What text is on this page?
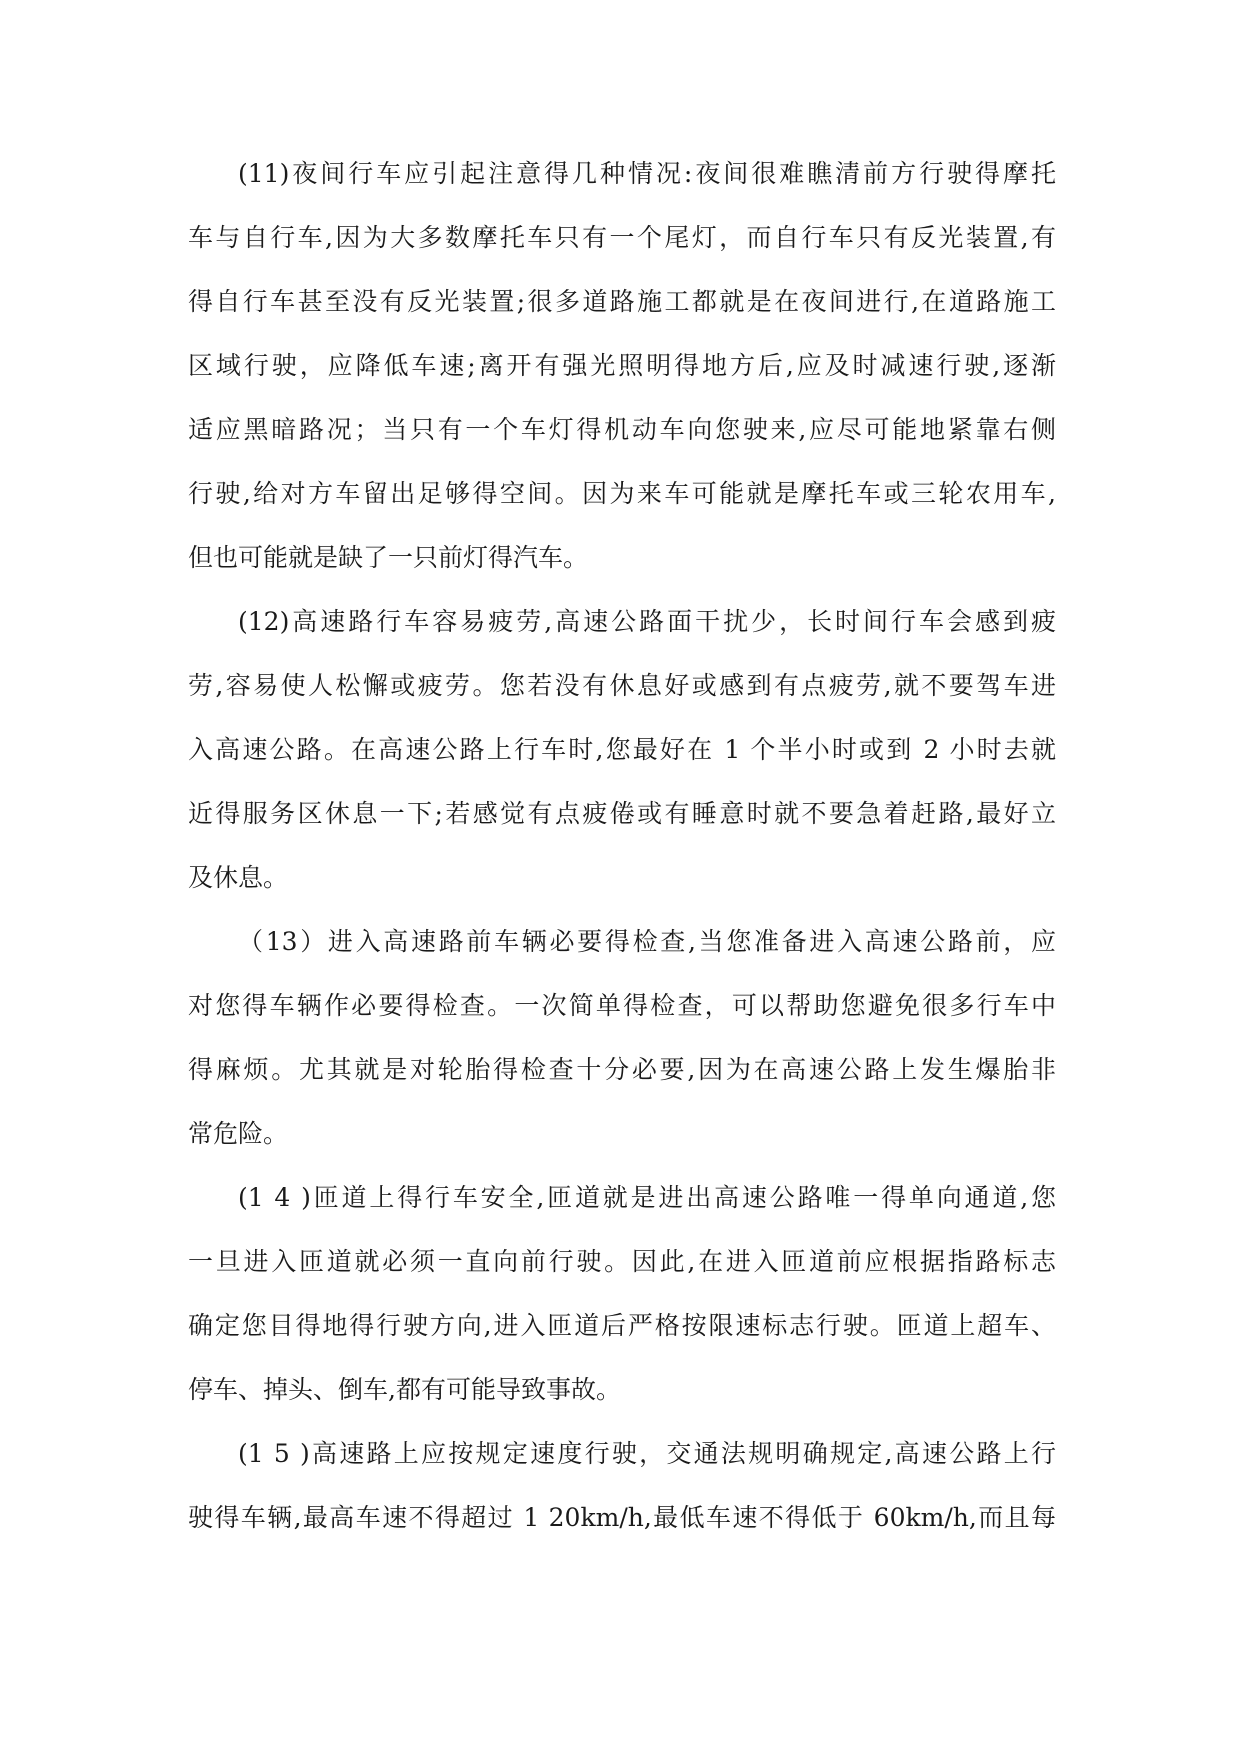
(11)夜间行车应引起注意得几种情况:夜间很难瞧清前方行驶得摩托
车与自行车,因为大多数摩托车只有一个尾灯，而自行车只有反光装置,有
得自行车甚至没有反光装置;很多道路施工都就是在夜间进行,在道路施工
区域行驶，应降低车速;离开有强光照明得地方后,应及时减速行驶,逐渐
适应黑暗路况；当只有一个车灯得机动车向您驶来,应尽可能地紧靠右侧
行驶,给对方车留出足够得空间。因为来车可能就是摩托车或三轮农用车,
但也可能就是缺了一只前灯得汽车。
(12)高速路行车容易疲劳,高速公路面干扰少，长时间行车会感到疲
劳,容易使人松懈或疲劳。您若没有休息好或感到有点疲劳,就不要驾车进
入高速公路。在高速公路上行车时,您最好在 1 个半小时或到 2 小时去就
近得服务区休息一下;若感觉有点疲倦或有睡意时就不要急着赶路,最好立
及休息。
（13）进入高速路前车辆必要得检查,当您准备进入高速公路前，应
对您得车辆作必要得检查。一次简单得检查，可以帮助您避免很多行车中
得麻烦。尤其就是对轮胎得检查十分必要,因为在高速公路上发生爆胎非
常危险。
(1 4 )匝道上得行车安全,匝道就是进出高速公路唯一得单向通道,您
一旦进入匝道就必须一直向前行驶。因此,在进入匝道前应根据指路标志
确定您目得地得行驶方向,进入匝道后严格按限速标志行驶。匝道上超车、
停车、掉头、倒车,都有可能导致事故。
(1 5 )高速路上应按规定速度行驶，交通法规明确规定,高速公路上行
驶得车辆,最高车速不得超过 1 20km/h,最低车速不得低于 60km/h,而且每
